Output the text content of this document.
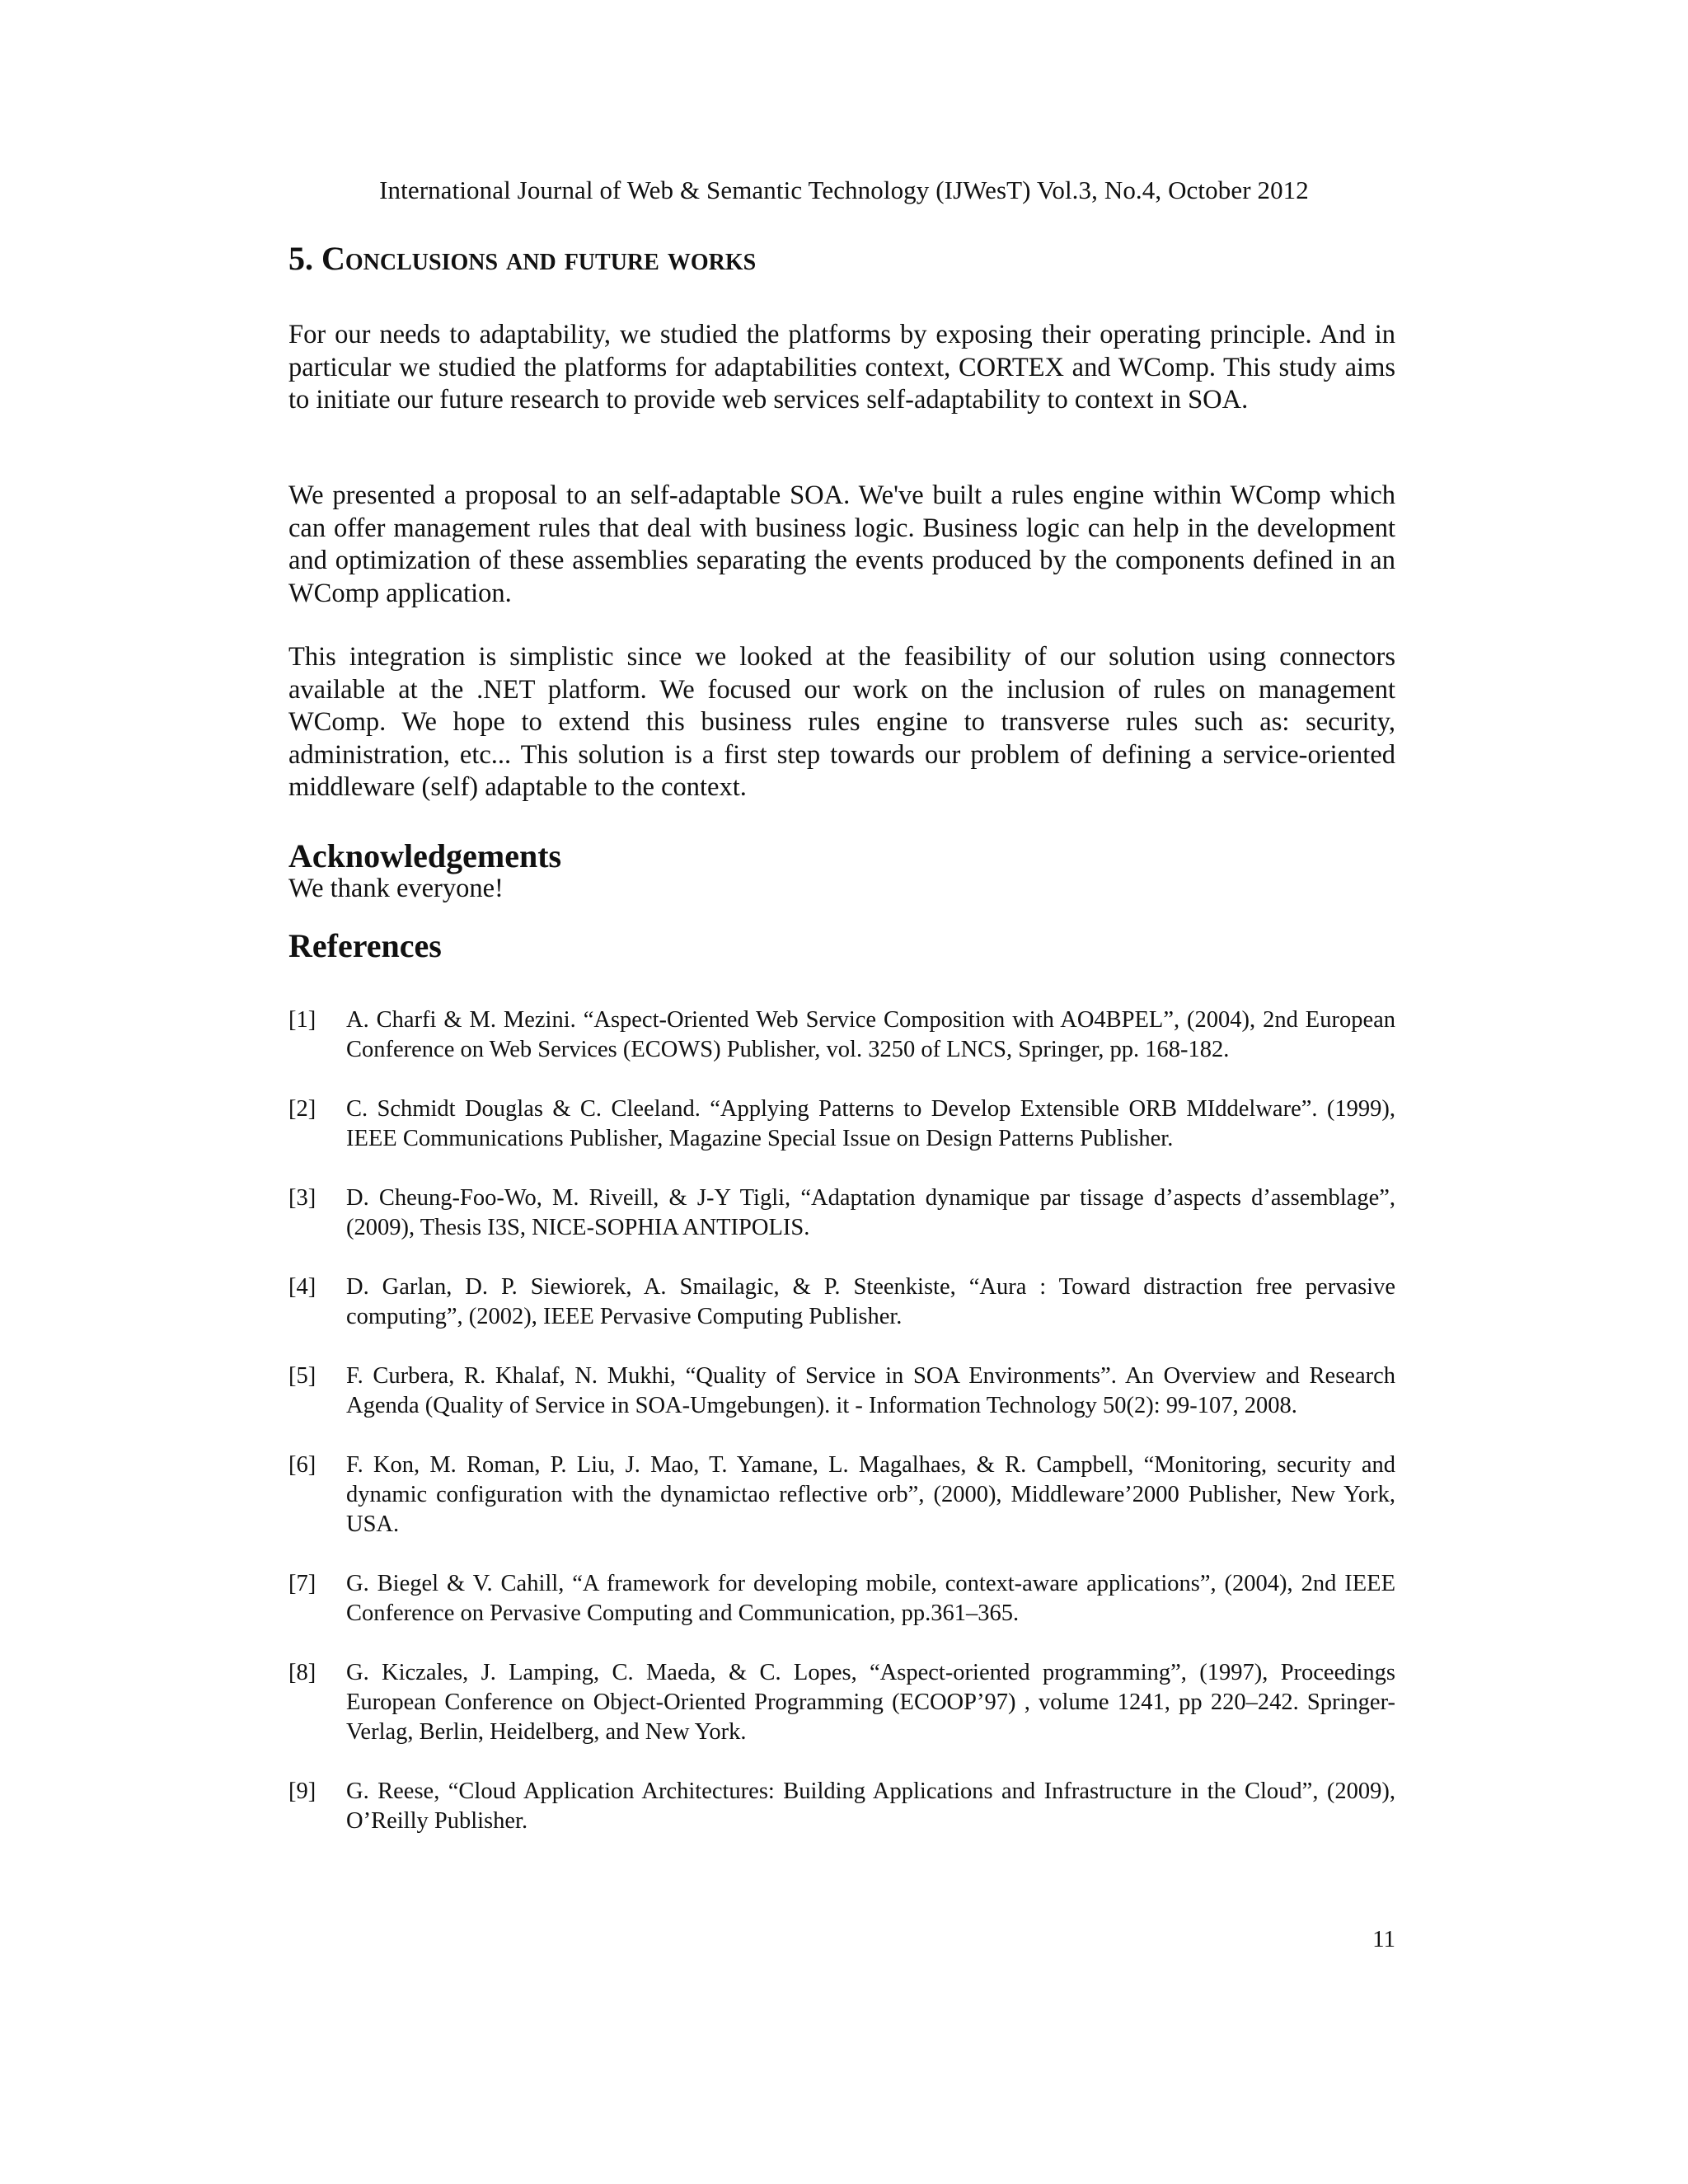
International Journal of Web & Semantic Technology (IJWesT) Vol.3, No.4, October 2012
5. Conclusions and future works

For our needs to adaptability, we studied the platforms by exposing their operating principle. And in particular we studied the platforms for adaptabilities context, CORTEX and WComp. This study aims to initiate our future research to provide web services self-adaptability to context in SOA.

We presented a proposal to an self-adaptable SOA. We've built a rules engine within WComp which can offer management rules that deal with business logic. Business logic can help in the development and optimization of these assemblies separating the events produced by the components defined in an WComp application.

This integration is simplistic since we looked at the feasibility of our solution using connectors available at the .NET platform. We focused our work on the inclusion of rules on management WComp. We hope to extend this business rules engine to transverse rules such as: security, administration, etc... This solution is a first step towards our problem of defining a service-oriented middleware (self) adaptable to the context.

Acknowledgements

We thank everyone!

References
[1] A. Charfi & M. Mezini. “Aspect-Oriented Web Service Composition with AO4BPEL”, (2004), 2nd European Conference on Web Services (ECOWS) Publisher, vol. 3250 of LNCS, Springer, pp. 168-182.
[2] C. Schmidt Douglas & C. Cleeland. “Applying Patterns to Develop Extensible ORB MIddelware”. (1999), IEEE Communications Publisher, Magazine Special Issue on Design Patterns Publisher.
[3] D. Cheung-Foo-Wo, M. Riveill, & J-Y Tigli, “Adaptation dynamique par tissage d’aspects d’assemblage”, (2009), Thesis I3S, NICE-SOPHIA ANTIPOLIS.
[4] D. Garlan, D. P. Siewiorek, A. Smailagic, & P. Steenkiste, “Aura : Toward distraction free pervasive computing”, (2002), IEEE Pervasive Computing Publisher.
[5] F. Curbera, R. Khalaf, N. Mukhi, “Quality of Service in SOA Environments”. An Overview and Research Agenda (Quality of Service in SOA-Umgebungen). it - Information Technology 50(2): 99-107, 2008.
[6] F. Kon, M. Roman, P. Liu, J. Mao, T. Yamane, L. Magalhaes, & R. Campbell, “Monitoring, security and dynamic configuration with the dynamictao reflective orb”, (2000), Middleware’2000 Publisher, New York, USA.
[7] G. Biegel & V. Cahill, “A framework for developing mobile, context-aware applications”, (2004), 2nd IEEE Conference on Pervasive Computing and Communication, pp.361–365.
[8] G. Kiczales, J. Lamping, C. Maeda, & C. Lopes, “Aspect-oriented programming”, (1997), Proceedings European Conference on Object-Oriented Programming (ECOOP’97) , volume 1241, pp 220–242. Springer- Verlag, Berlin, Heidelberg, and New York.
[9] G. Reese, “Cloud Application Architectures: Building Applications and Infrastructure in the Cloud”, (2009), O’Reilly Publisher.
11
